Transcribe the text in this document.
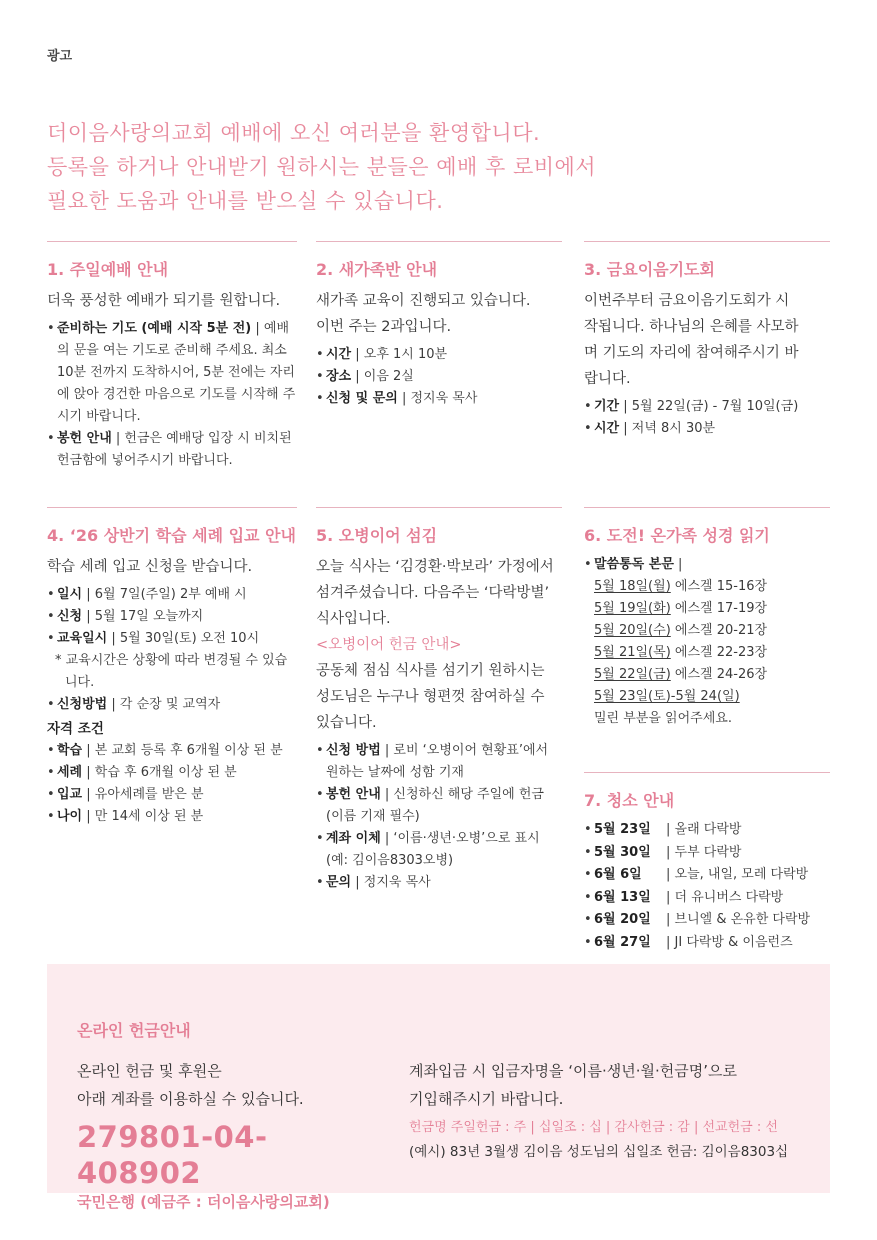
광고
더이음사랑의교회 예배에 오신 여러분을 환영합니다.
등록을 하거나 안내받기 원하시는 분들은 예배 후 로비에서
필요한 도움과 안내를 받으실 수 있습니다.
1. 주일예배 안내

더욱 풍성한 예배가 되기를 원합니다.

• 준비하는 기도 (예배 시작 5분 전) | 예배의 문을 여는 기도로 준비해 주세요. 최소 10분 전까지 도착하시어, 5분 전에는 자리에 앉아 경건한 마음으로 기도를 시작해 주시기 바랍니다.
• 봉헌 안내 | 헌금은 예배당 입장 시 비치된 헌금함에 넣어주시기 바랍니다.
2. 새가족반 안내

새가족 교육이 진행되고 있습니다.

이번 주는 2과입니다.

• 시간 | 오후 1시 10분
• 장소 | 이음 2실
• 신청 및 문의 | 정지욱 목사
3. 금요이음기도회

이번주부터 금요이음기도회가 시작됩니다. 하나님의 은혜를 사모하며 기도의 자리에 참여해주시기 바랍니다.

• 기간 | 5월 22일(금) - 7월 10일(금)
• 시간 | 저녁 8시 30분
4. ‘26 상반기 학습 세례 입교 안내

학습 세례 입교 신청을 받습니다.

• 일시 | 6월 7일(주일) 2부 예배 시
• 신청 | 5월 17일 오늘까지
• 교육일시 | 5월 30일(토) 오전 10시
* 교육시간은 상황에 따라 변경될 수 있습니다.
• 신청방법 | 각 순장 및 교역자
자격 조건
• 학습 | 본 교회 등록 후 6개월 이상 된 분
• 세례 | 학습 후 6개월 이상 된 분
• 입교 | 유아세례를 받은 분
• 나이 | 만 14세 이상 된 분
5. 오병이어 섬김

오늘 식사는 ‘김경환·박보라’ 가정에서 섬겨주셨습니다. 다음주는 ‘다락방별’ 식사입니다.

<오병이어 헌금 안내>

공동체 점심 식사를 섬기기 원하시는 성도님은 누구나 형편껏 참여하실 수 있습니다.

• 신청 방법 | 로비 ‘오병이어 현황표’에서 원하는 날짜에 성함 기재
• 봉헌 안내 | 신청하신 해당 주일에 헌금 (이름 기재 필수)
• 계좌 이체 | ‘이름·생년·오병’으로 표시 (예: 김이음8303오병)
• 문의 | 정지욱 목사
6. 도전! 온가족 성경 읽기
• 말씀통독 본문 |
5월 18일(월) 에스겔 15-16장
5월 19일(화) 에스겔 17-19장
5월 20일(수) 에스겔 20-21장
5월 21일(목) 에스겔 22-23장
5월 22일(금) 에스겔 24-26장
5월 23일(토)-5월 24(일)
밀린 부분을 읽어주세요.
7. 청소 안내
• 5월 23일 | 올래 다락방
• 5월 30일 | 두부 다락방
• 6월 6일 | 오늘, 내일, 모레 다락방
• 6월 13일 | 더 유니버스 다락방
• 6월 20일 | 브니엘 & 온유한 다락방
• 6월 27일 | JI 다락방 & 이음런즈
온라인 헌금안내
온라인 헌금 및 후원은
아래 계좌를 이용하실 수 있습니다.
279801-04-408902
국민은행 (예금주 : 더이음사랑의교회)
계좌입금 시 입금자명을 ‘이름·생년·월·헌금명’으로
기입해주시기 바랍니다.
헌금명 주일헌금 : 주 | 십일조 : 십 | 감사헌금 : 감 | 선교헌금 : 선
(예시) 83년 3월생 김이음 성도님의 십일조 헌금: 김이음8303십
